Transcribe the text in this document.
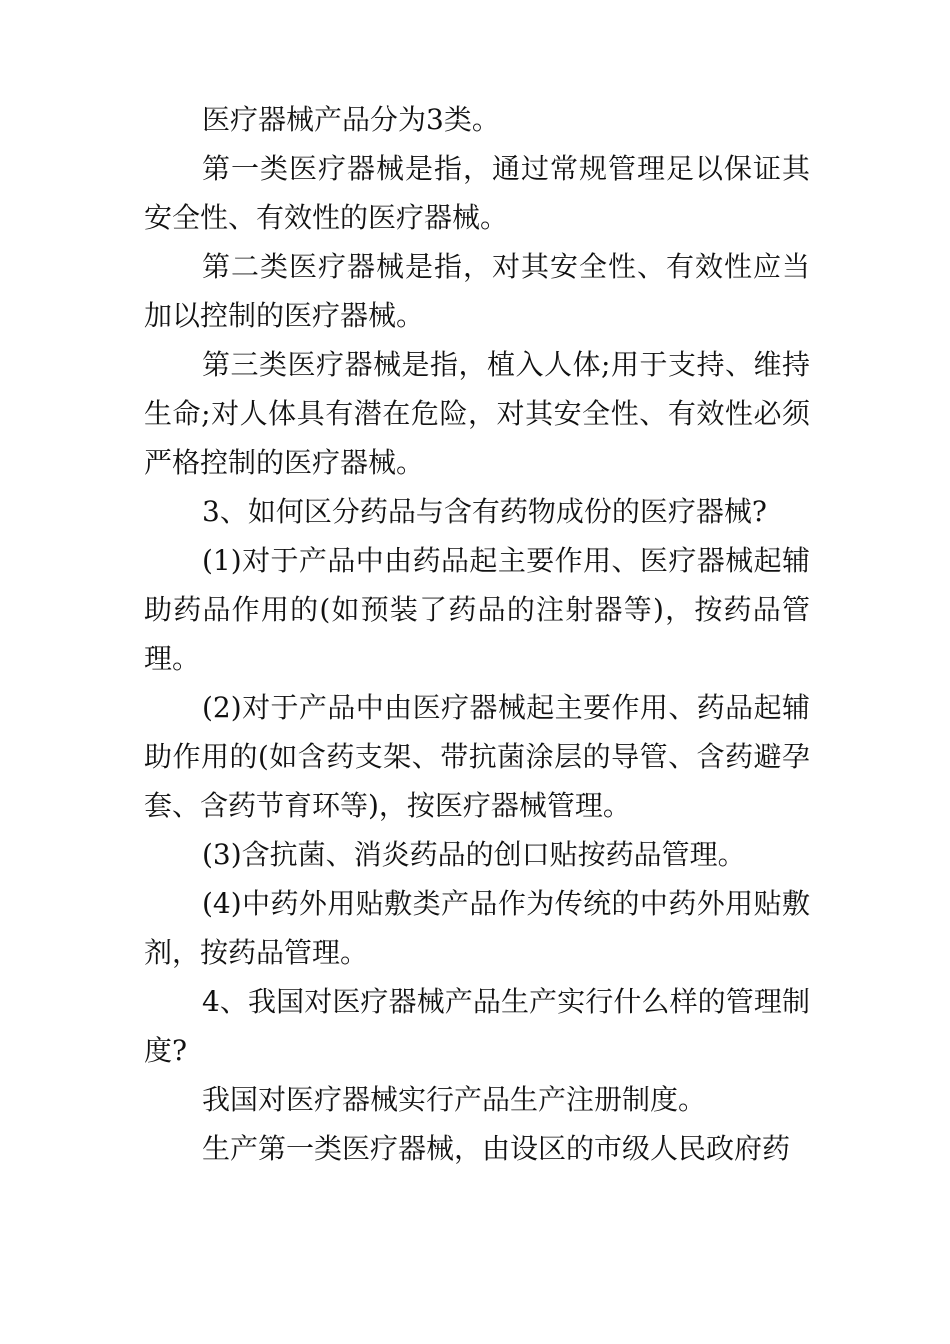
医疗器械产品分为3类。

第一类医疗器械是指，通过常规管理足以保证其安全性、有效性的医疗器械。

第二类医疗器械是指，对其安全性、有效性应当加以控制的医疗器械。

第三类医疗器械是指，植入人体;用于支持、维持生命;对人体具有潜在危险，对其安全性、有效性必须严格控制的医疗器械。

3、如何区分药品与含有药物成份的医疗器械?

(1)对于产品中由药品起主要作用、医疗器械起辅助药品作用的(如预装了药品的注射器等)，按药品管理。

(2)对于产品中由医疗器械起主要作用、药品起辅助作用的(如含药支架、带抗菌涂层的导管、含药避孕套、含药节育环等)，按医疗器械管理。

(3)含抗菌、消炎药品的创口贴按药品管理。

(4)中药外用贴敷类产品作为传统的中药外用贴敷剂，按药品管理。

4、我国对医疗器械产品生产实行什么样的管理制度?

我国对医疗器械实行产品生产注册制度。

生产第一类医疗器械，由设区的市级人民政府药
